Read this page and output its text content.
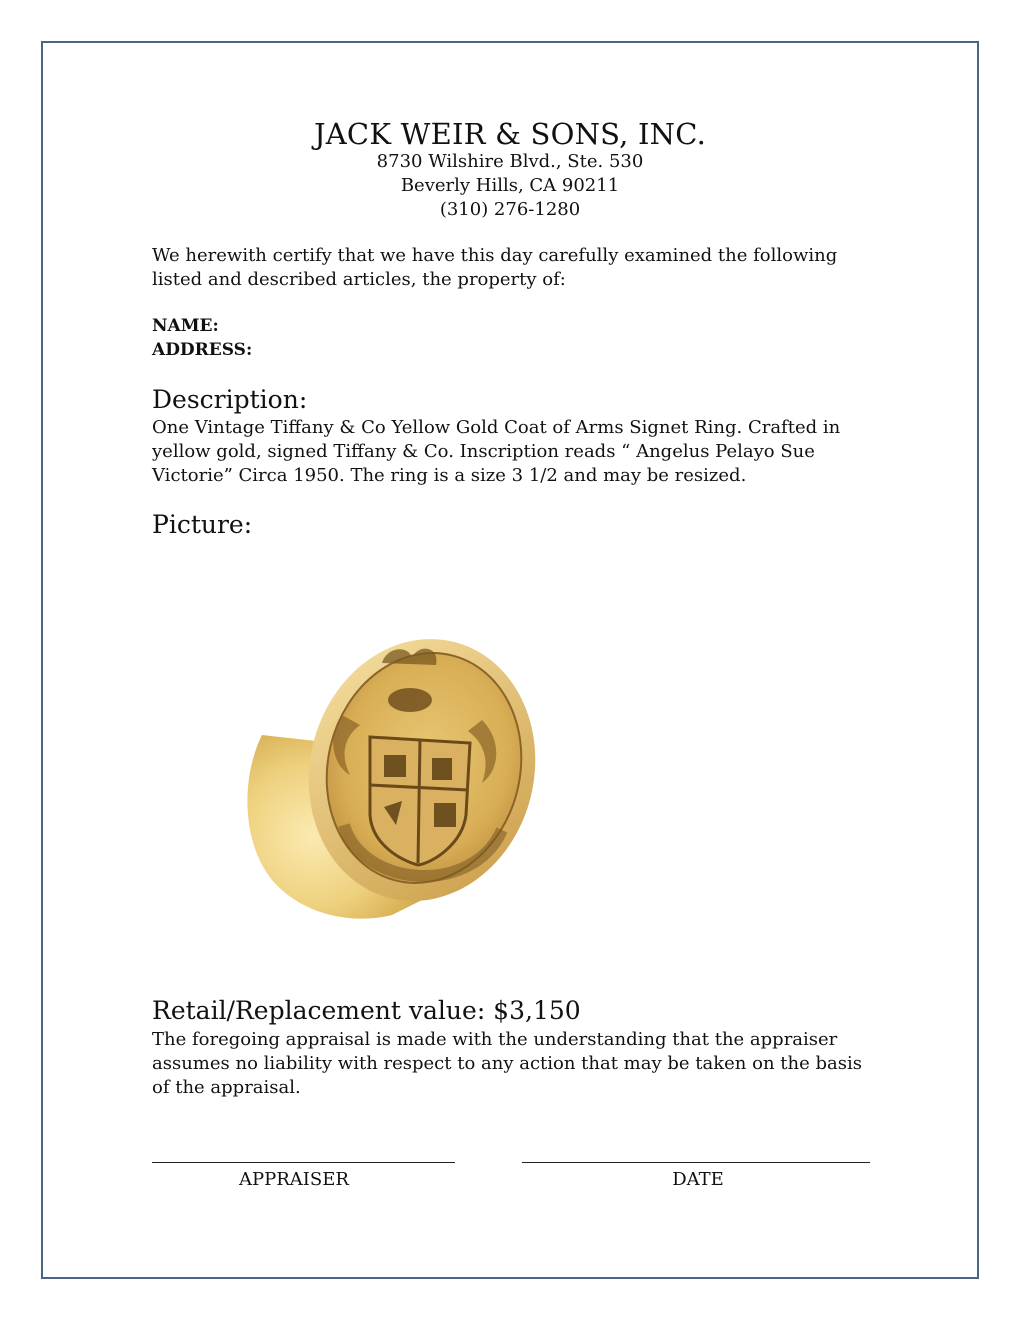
JACK WEIR & SONS, INC.
8730 Wilshire Blvd., Ste. 530
Beverly Hills, CA 90211
(310) 276-1280
We herewith certify that we have this day carefully examined the following listed and described articles, the property of:
NAME:
ADDRESS:
Description:
One Vintage Tiffany & Co Yellow Gold Coat of Arms Signet Ring. Crafted in yellow gold, signed Tiffany & Co. Inscription reads “ Angelus Pelayo Sue Victorie” Circa 1950. The ring is a size 3 1/2 and may be resized.
Picture:
Retail/Replacement value: $3,150
The foregoing appraisal is made with the understanding that the appraiser assumes no liability with respect to any action that may be taken on the basis of the appraisal.
APPRAISER	DATE
